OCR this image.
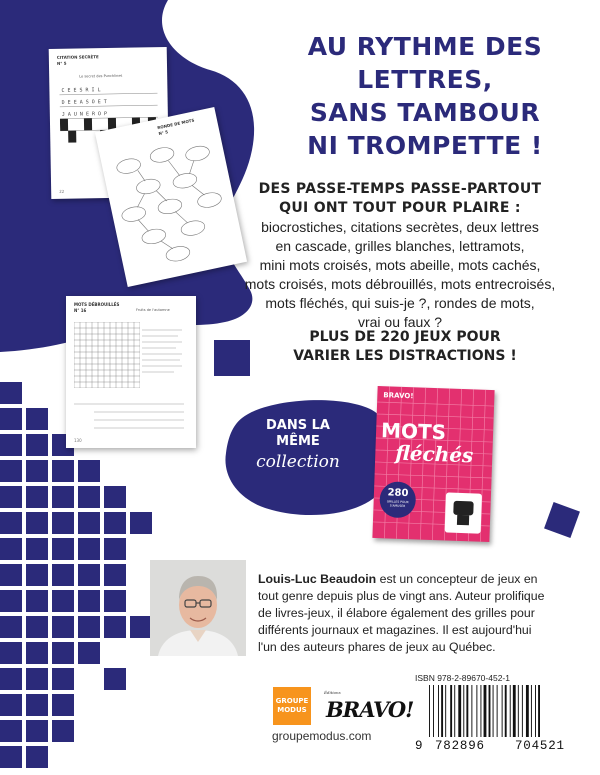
CITATION SECRÈTE
N° 5
Le secret des Punchlines
C E E S R I L
D E E A S O E T
J A U N E R O P
22
RONDE DE MOTS
N° 5
MOTS DÉBROUILLÉS
N° 16	Fruits de l'automne
130
AU RYTHME DES
LETTRES,
SANS TAMBOUR
NI TROMPETTE !
DES PASSE-TEMPS PASSE-PARTOUT
QUI ONT TOUT POUR PLAIRE :
biocrostiches, citations secrètes, deux lettres
en cascade, grilles blanches, lettramots,
mini mots croisés, mots abeille, mots cachés,
mots croisés, mots débrouillés, mots entrecroisés,
mots fléchés, qui suis-je ?, rondes de mots,
vrai ou faux ?
PLUS DE 220 JEUX POUR
VARIER LES DISTRACTIONS !
DANS LA
MÊME
collection
BRAVO!
MOTS
fléchés
280
GRILLES POUR S'AMUSER
Louis-Luc Beaudoin est un concepteur de jeux en
tout genre depuis plus de vingt ans. Auteur prolifique
de livres-jeux, il élabore également des grilles pour
différents journaux et magazines. Il est aujourd'hui
l'un des auteurs phares de jeux au Québec.
GROUPE
MODUS
Éditions
BRAVO!
groupemodus.com
ISBN 978-2-89670-452-1
9 782896 704521
